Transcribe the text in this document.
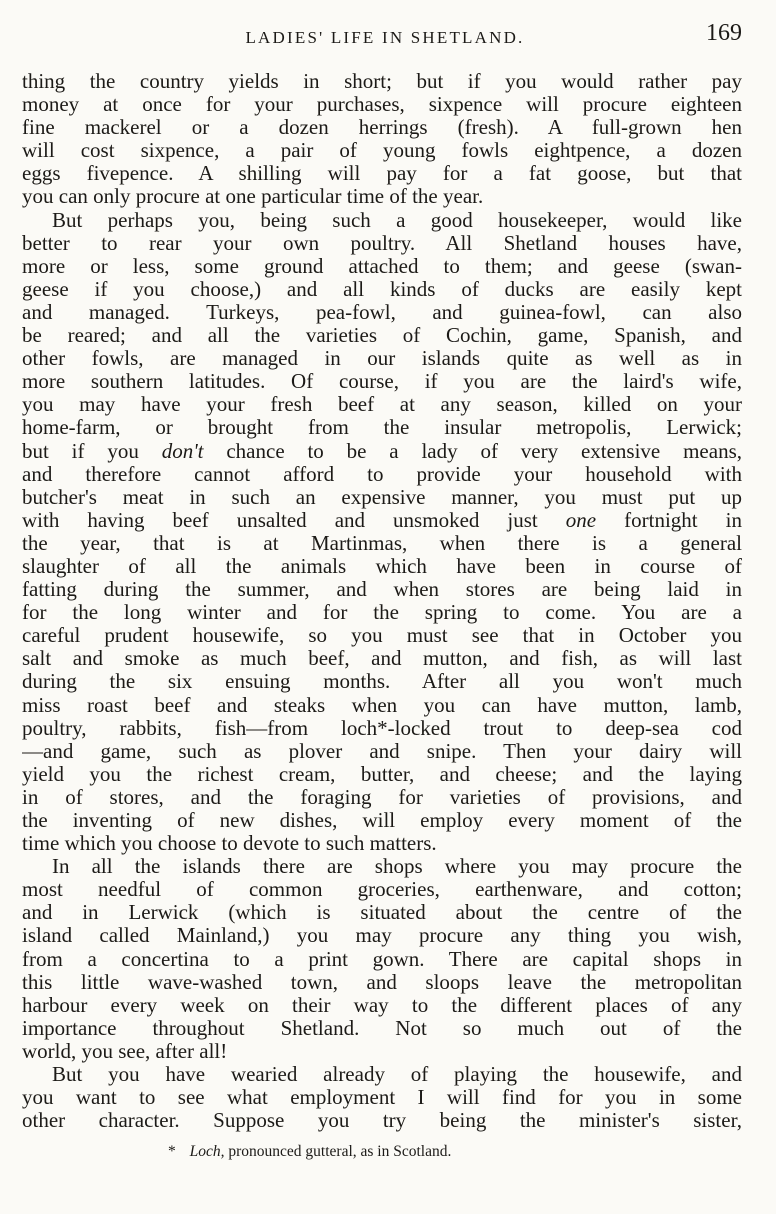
LADIES' LIFE IN SHETLAND.	169
thing the country yields in short; but if you would rather pay
money at once for your purchases, sixpence will procure eighteen
fine mackerel or a dozen herrings (fresh). A full-grown hen
will cost sixpence, a pair of young fowls eightpence, a dozen
eggs fivepence. A shilling will pay for a fat goose, but that
you can only procure at one particular time of the year.
But perhaps you, being such a good housekeeper, would like
better to rear your own poultry. All Shetland houses have,
more or less, some ground attached to them; and geese (swan-
geese if you choose,) and all kinds of ducks are easily kept
and managed. Turkeys, pea-fowl, and guinea-fowl, can also
be reared; and all the varieties of Cochin, game, Spanish, and
other fowls, are managed in our islands quite as well as in
more southern latitudes. Of course, if you are the laird's wife,
you may have your fresh beef at any season, killed on your
home-farm, or brought from the insular metropolis, Lerwick;
but if you don't chance to be a lady of very extensive means,
and therefore cannot afford to provide your household with
butcher's meat in such an expensive manner, you must put up
with having beef unsalted and unsmoked just one fortnight in
the year, that is at Martinmas, when there is a general
slaughter of all the animals which have been in course of
fatting during the summer, and when stores are being laid in
for the long winter and for the spring to come. You are a
careful prudent housewife, so you must see that in October you
salt and smoke as much beef, and mutton, and fish, as will last
during the six ensuing months. After all you won't much
miss roast beef and steaks when you can have mutton, lamb,
poultry, rabbits, fish—from loch*-locked trout to deep-sea cod
—and game, such as plover and snipe. Then your dairy will
yield you the richest cream, butter, and cheese; and the laying
in of stores, and the foraging for varieties of provisions, and
the inventing of new dishes, will employ every moment of the
time which you choose to devote to such matters.
In all the islands there are shops where you may procure the
most needful of common groceries, earthenware, and cotton;
and in Lerwick (which is situated about the centre of the
island called Mainland,) you may procure any thing you wish,
from a concertina to a print gown. There are capital shops in
this little wave-washed town, and sloops leave the metropolitan
harbour every week on their way to the different places of any
importance throughout Shetland. Not so much out of the
world, you see, after all!
But you have wearied already of playing the housewife, and
you want to see what employment I will find for you in some
other character. Suppose you try being the minister's sister,
* Loch, pronounced gutteral, as in Scotland.
